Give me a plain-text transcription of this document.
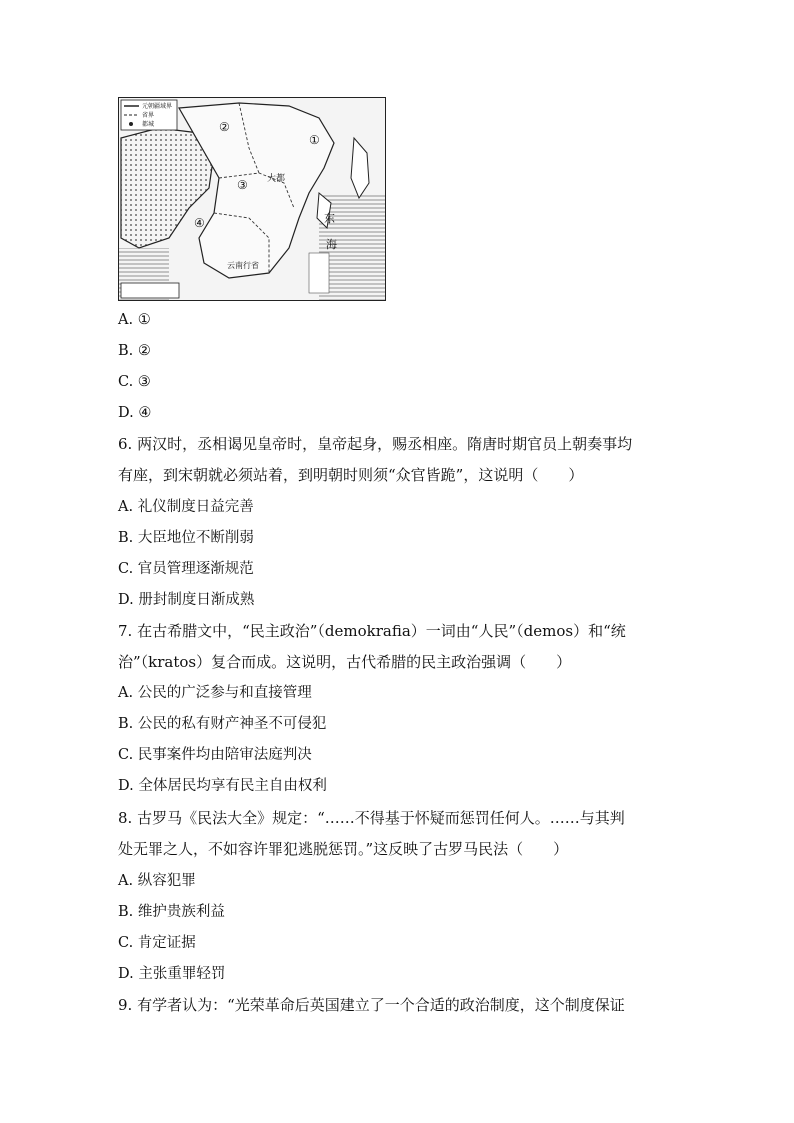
元朝疆域界
省界
都城
①
②
③
④
大都
东
海
云南行省
A. ①
B. ②
C. ③
D. ④
6. 两汉时，丞相谒见皇帝时，皇帝起身，赐丞相座。隋唐时期官员上朝奏事均
有座，到宋朝就必须站着，到明朝时则须“众官皆跪”，这说明（　　）
A. 礼仪制度日益完善
B. 大臣地位不断削弱
C. 官员管理逐渐规范
D. 册封制度日渐成熟
7. 在古希腊文中，“民主政治”（demokrafia）一词由“人民”（demos）和“统
治”（kratos）复合而成。这说明，古代希腊的民主政治强调（　　）
A. 公民的广泛参与和直接管理
B. 公民的私有财产神圣不可侵犯
C. 民事案件均由陪审法庭判决
D. 全体居民均享有民主自由权利
8. 古罗马《民法大全》规定：“……不得基于怀疑而惩罚任何人。……与其判
处无罪之人，不如容许罪犯逃脱惩罚。”这反映了古罗马民法（　　）
A. 纵容犯罪
B. 维护贵族利益
C. 肯定证据
D. 主张重罪轻罚
9. 有学者认为：“光荣革命后英国建立了一个合适的政治制度，这个制度保证
